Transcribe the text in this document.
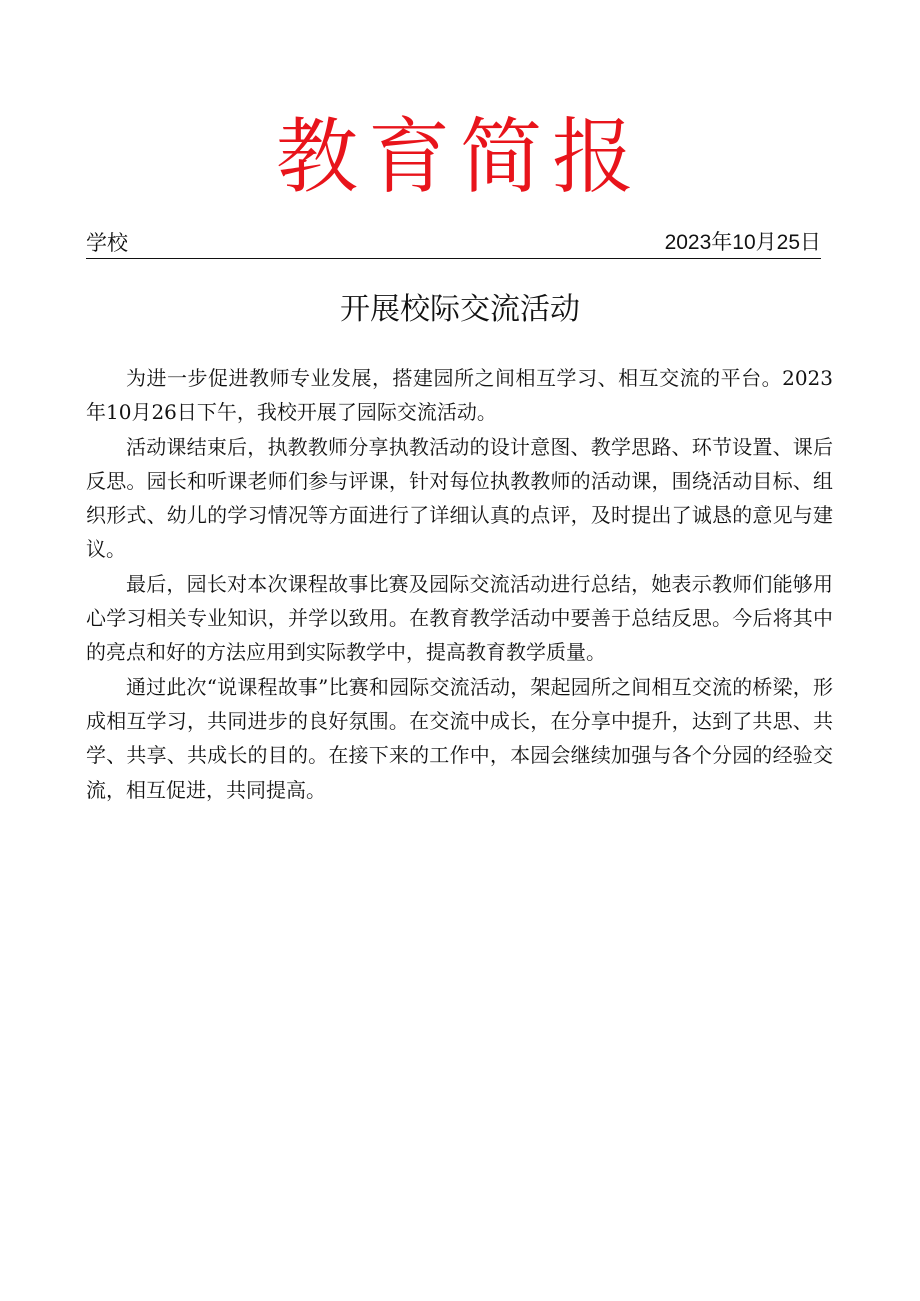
教育简报
学校	2023年10月25日
开展校际交流活动

为进一步促进教师专业发展，搭建园所之间相互学习、相互交流的平台。2023年10月26日下午，我校开展了园际交流活动。

活动课结束后，执教教师分享执教活动的设计意图、教学思路、环节设置、课后反思。园长和听课老师们参与评课，针对每位执教教师的活动课，围绕活动目标、组织形式、幼儿的学习情况等方面进行了详细认真的点评，及时提出了诚恳的意见与建议。

最后，园长对本次课程故事比赛及园际交流活动进行总结，她表示教师们能够用心学习相关专业知识，并学以致用。在教育教学活动中要善于总结反思。今后将其中的亮点和好的方法应用到实际教学中，提高教育教学质量。

通过此次“说课程故事”比赛和园际交流活动，架起园所之间相互交流的桥梁，形成相互学习，共同进步的良好氛围。在交流中成长，在分享中提升，达到了共思、共学、共享、共成长的目的。在接下来的工作中，本园会继续加强与各个分园的经验交流，相互促进，共同提高。
